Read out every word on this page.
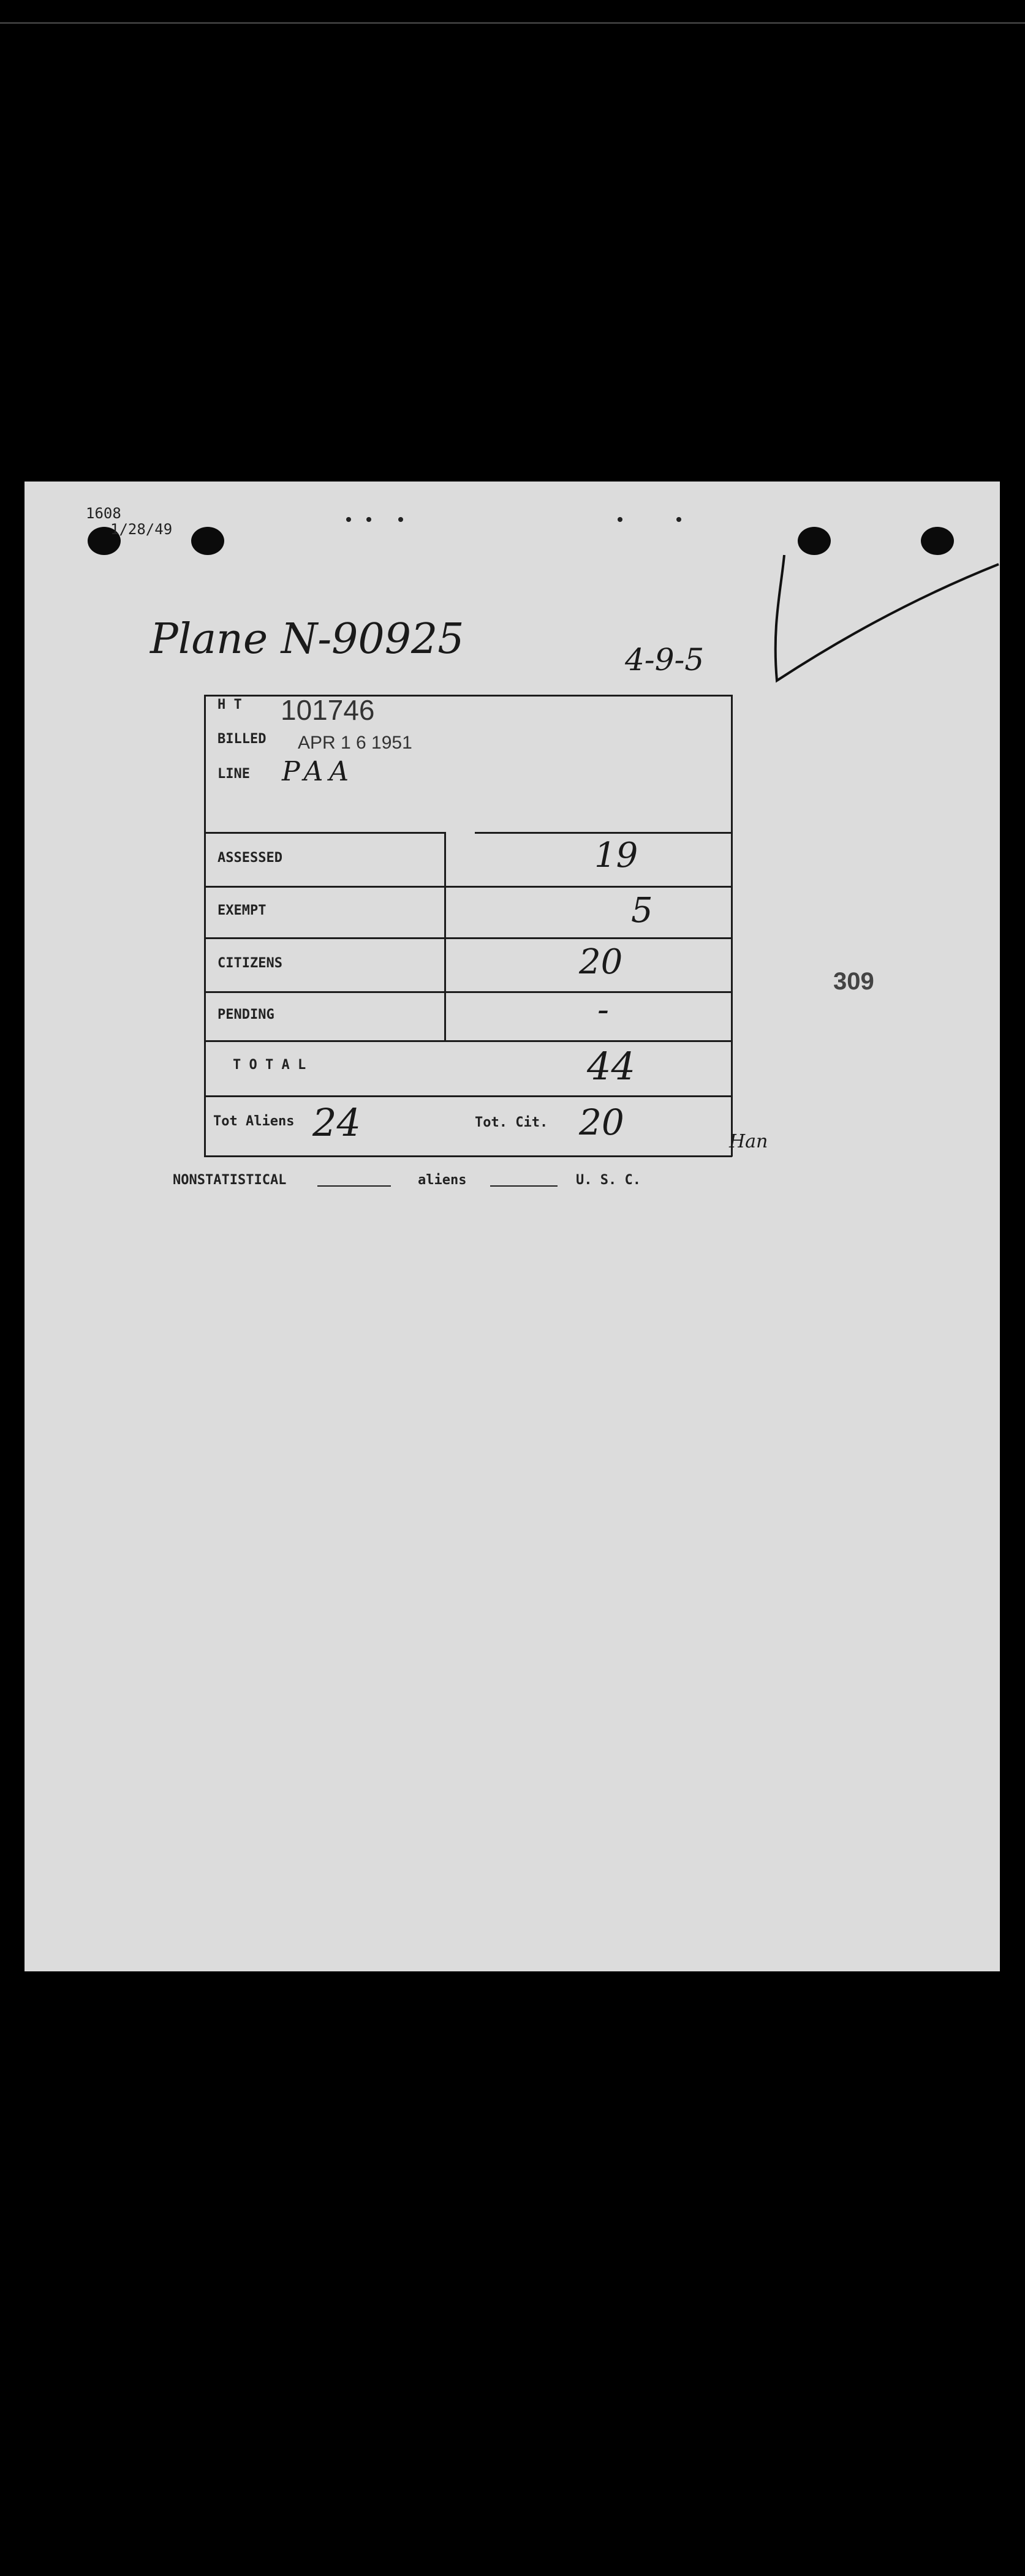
1608
1/28/49
Plane N-90925	4-9-5
H T 101746
BILLED APR 1 6 1951
LINE PAA
ASSESSED	19
EXEMPT	5
CITIZENS	20
PENDING	-
T O T A L	44
Tot Aliens 24	Tot. Cit. 20	Han
NONSTATISTICAL	aliens	U. S. C.
309
